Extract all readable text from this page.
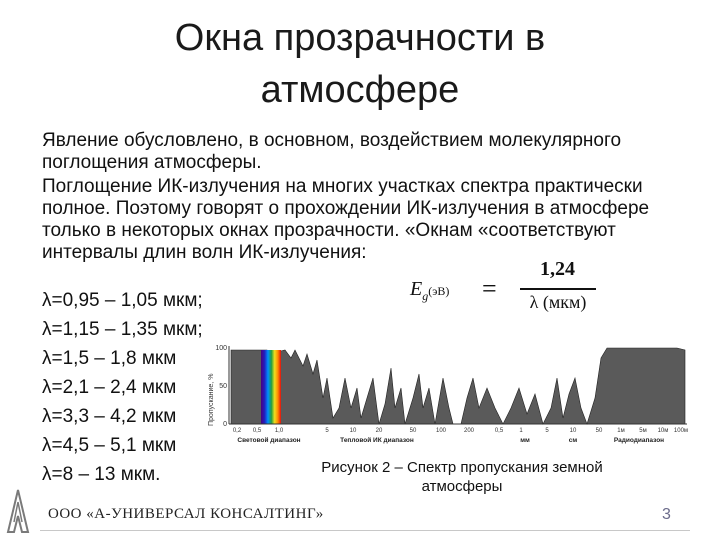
Окна прозрачности в
атмосфере

Явление обусловлено, в основном, воздействием молекулярного поглощения атмосферы.

Поглощение ИК-излучения на многих участках спектра практически полное. Поэтому говорят о прохождении ИК-излучения в атмосфере только в некоторых окнах прозрачности. «Окнам «соответствуют интервалы длин волн ИК-излучения:

λ=0,95 – 1,05 мкм;
λ=1,15 – 1,35 мкм;
λ=1,5 – 1,8 мкм
λ=2,1 – 2,4 мкм
λ=3,3 – 4,2 мкм
λ=4,5 – 5,1 мкм
λ=8 – 13 мкм.
$E_g(эВ)$ =
1,24
λ (мкм)
100
50
0
Пропускание, %
0,2 0,5 1,0	5	10	20	50	100	200	0,5	1	5	10	50 1м 5м 10м 100м
Световой диапазон	Тепловой ИК диапазон	мм	см	Радиодиапазон
Рисунок 2 – Спектр пропускания земной
атмосферы
ООО «А-УНИВЕРСАЛ КОНСАЛТИНГ»	3
